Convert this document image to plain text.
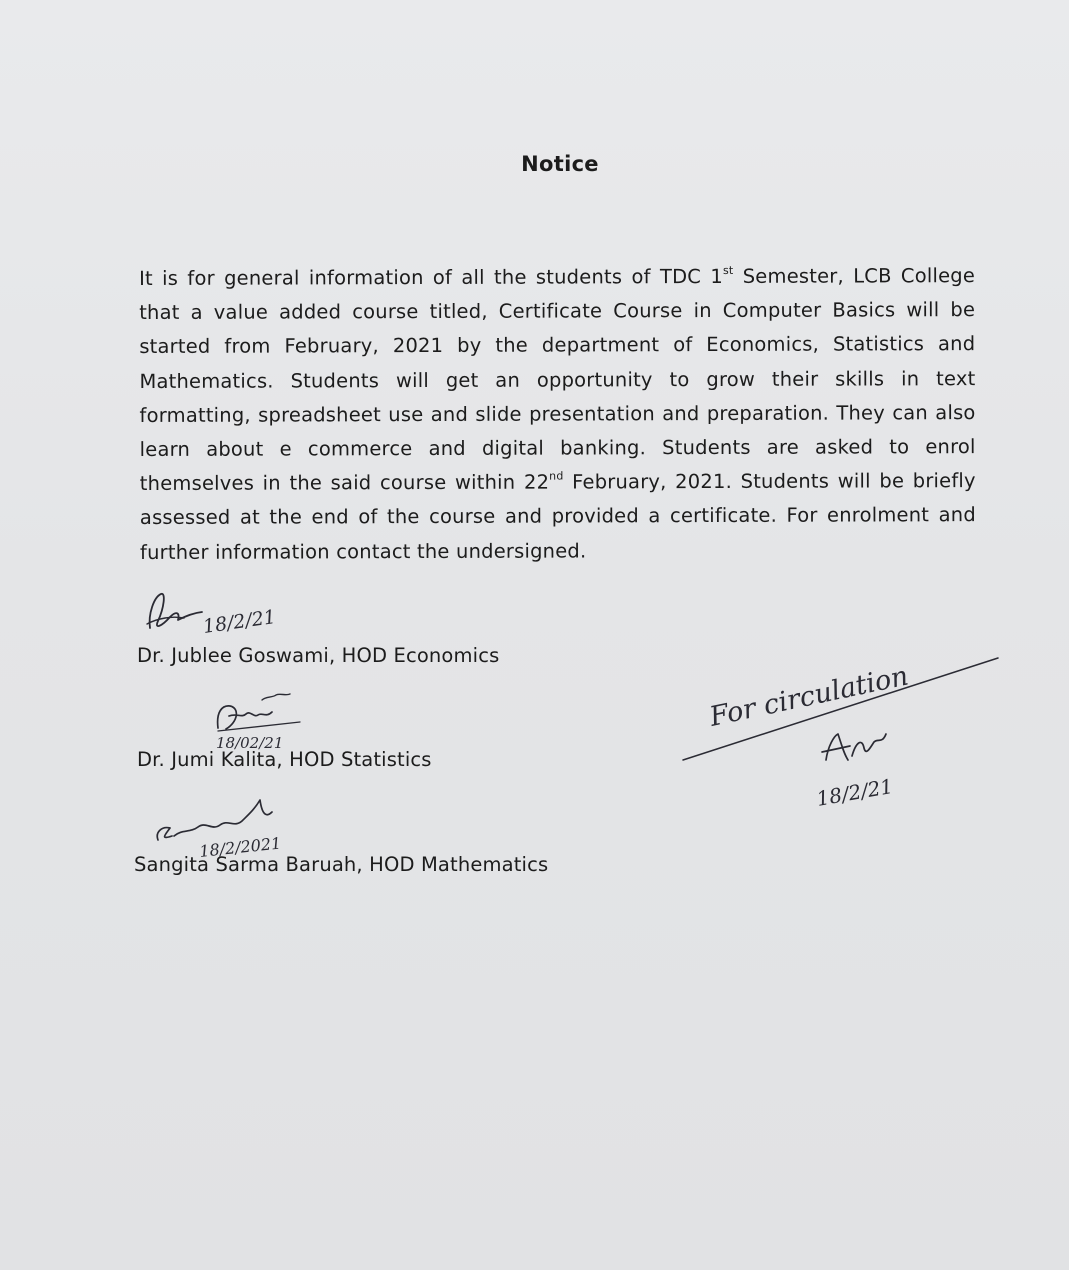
Notice
It is for general information of all the students of TDC 1st Semester, LCB College that a value added course titled, Certificate Course in Computer Basics will be started from February, 2021 by the department of Economics, Statistics and Mathematics. Students will get an opportunity to grow their skills in text formatting, spreadsheet use and slide presentation and preparation. They can also learn about e commerce and digital banking. Students are asked to enrol themselves in the said course within 22nd February, 2021. Students will be briefly assessed at the end of the course and provided a certificate. For enrolment and further information contact the undersigned.
Dr. Jublee Goswami, HOD Economics
Dr. Jumi Kalita, HOD Statistics
Sangita Sarma Baruah, HOD Mathematics
18/2/21
18/02/21
18/2/2021
For circulation
18/2/21
